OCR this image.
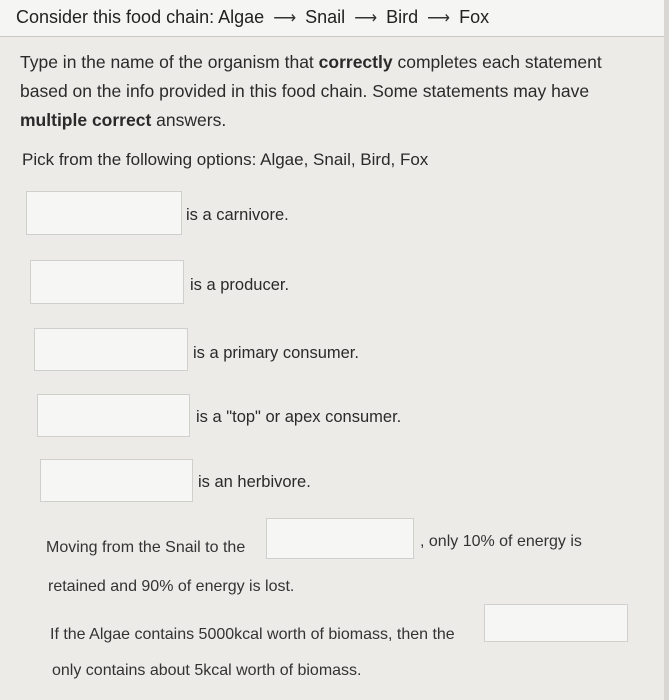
Consider this food chain: Algae ⟶ Snail ⟶ Bird ⟶ Fox
Type in the name of the organism that correctly completes each statement based on the info provided in this food chain. Some statements may have multiple correct answers.
Pick from the following options: Algae, Snail, Bird, Fox
is a carnivore.
is a producer.
is a primary consumer.
is a "top" or apex consumer.
is an herbivore.
Moving from the Snail to the	, only 10% of energy is
retained and 90% of energy is lost.
If the Algae contains 5000kcal worth of biomass, then the
only contains about 5kcal worth of biomass.
